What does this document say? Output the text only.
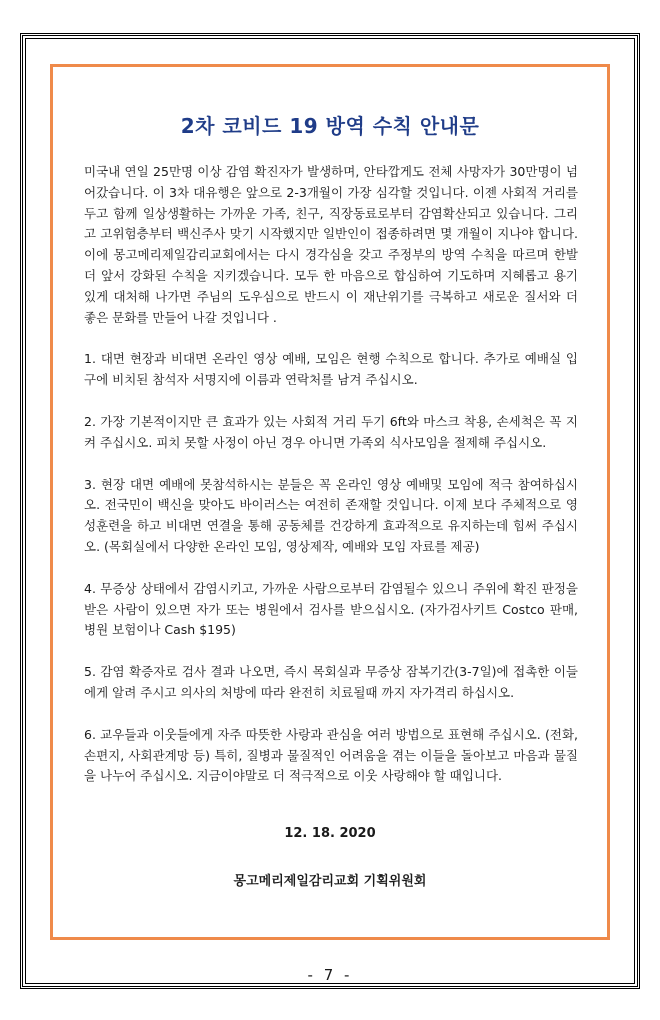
2차 코비드 19 방역 수칙 안내문

미국내 연일 25만명 이상 감염 확진자가 발생하며, 안타깝게도 전체 사망자가 30만명이 넘어갔습니다. 이 3차 대유행은 앞으로 2-3개월이 가장 심각할 것입니다. 이젠 사회적 거리를 두고 함께 일상생활하는 가까운 가족, 친구, 직장동료로부터 감염확산되고 있습니다. 그리고 고위험층부터 백신주사 맞기 시작했지만 일반인이 접종하려면 몇 개월이 지나야 합니다. 이에 몽고메리제일감리교회에서는 다시 경각심을 갖고 주정부의 방역 수칙을 따르며 한발더 앞서 강화된 수칙을 지키겠습니다. 모두 한 마음으로 합심하여 기도하며 지혜롭고 용기있게 대처해 나가면 주님의 도우심으로 반드시 이 재난위기를 극복하고 새로운 질서와 더 좋은 문화를 만들어 나갈 것입니다 .

1. 대면 현장과 비대면 온라인 영상 예배, 모임은 현행 수칙으로 합니다. 추가로 예배실 입구에 비치된 참석자 서명지에 이름과 연락처를 남겨 주십시오.

2. 가장 기본적이지만 큰 효과가 있는 사회적 거리 두기 6ft와 마스크 착용, 손세척은 꼭 지켜 주십시오. 피치 못할 사정이 아닌 경우 아니면 가족외 식사모임을 절제해 주십시오.

3. 현장 대면 예배에 못참석하시는 분들은 꼭 온라인 영상 예배및 모임에 적극 참여하십시오. 전국민이 백신을 맞아도 바이러스는 여전히 존재할 것입니다. 이제 보다 주체적으로 영성훈련을 하고 비대면 연결을 통해 공동체를 건강하게 효과적으로 유지하는데 힘써 주십시오. (목회실에서 다양한 온라인 모임, 영상제작, 예배와 모임 자료를 제공)

4. 무증상 상태에서 감염시키고, 가까운 사람으로부터 감염될수 있으니 주위에 확진 판정을 받은 사람이 있으면 자가 또는 병원에서 검사를 받으십시오. (자가검사키트 Costco 판매, 병원 보험이나 Cash $195)

5. 감염 확증자로 검사 결과 나오면, 즉시 목회실과 무증상 잠복기간(3-7일)에 접촉한 이들에게 알려 주시고 의사의 처방에 따라 완전히 치료될때 까지 자가격리 하십시오.

6. 교우들과 이웃들에게 자주 따뜻한 사랑과 관심을 여러 방법으로 표현해 주십시오. (전화,손편지, 사회관계망 등) 특히, 질병과 물질적인 어려움을 겪는 이들을 돌아보고 마음과 물질을 나누어 주십시오. 지금이야말로 더 적극적으로 이웃 사랑해야 할 때입니다.

12. 18. 2020
몽고메리제일감리교회 기획위원회
- 7 -
